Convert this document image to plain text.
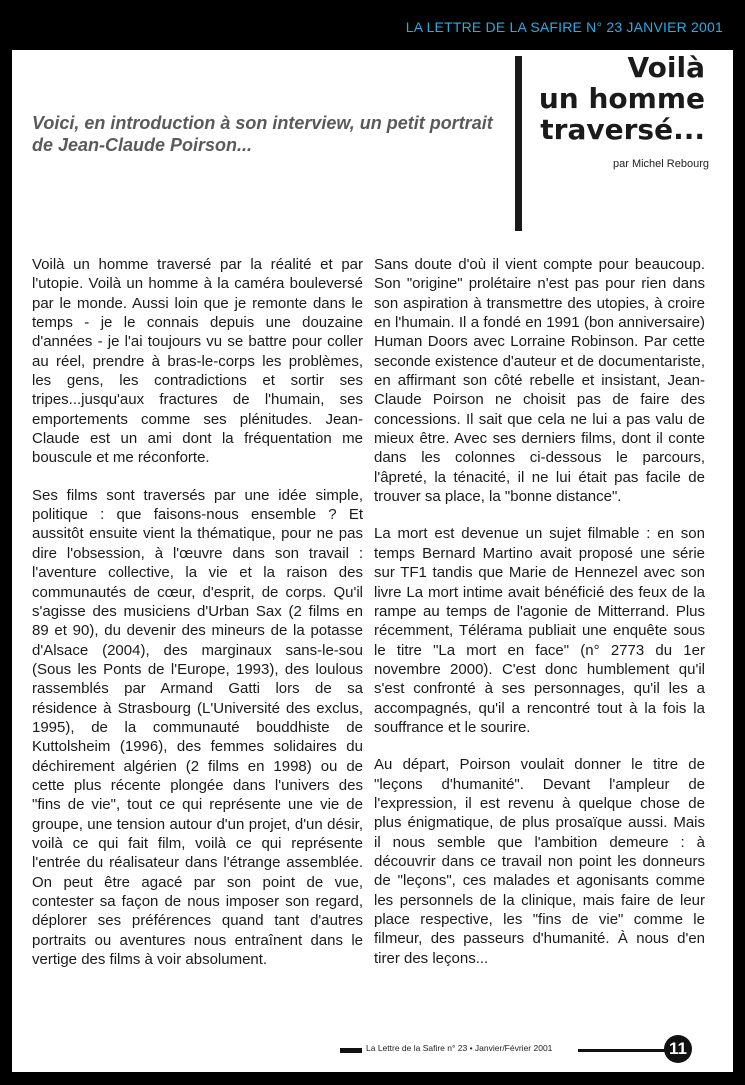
LA LETTRE DE LA SAFIRE N° 23 JANVIER 2001
Voici, en introduction à son interview, un petit portrait de Jean-Claude Poirson...
Voilà
un homme
traversé...
par Michel Rebourg

Voilà un homme traversé par la réalité et par l'utopie. Voilà un homme à la caméra bouleversé par le monde. Aussi loin que je remonte dans le temps - je le connais depuis une douzaine d'années - je l'ai toujours vu se battre pour coller au réel, prendre à bras-le-corps les problèmes, les gens, les contradictions et sortir ses tripes...jusqu'aux fractures de l'humain, ses emportements comme ses plénitudes. Jean-Claude est un ami dont la fréquentation me bouscule et me réconforte.

Ses films sont traversés par une idée simple, politique : que faisons-nous ensemble ? Et aussitôt ensuite vient la thématique, pour ne pas dire l'obsession, à l'œuvre dans son travail : l'aventure collective, la vie et la raison des communautés de cœur, d'esprit, de corps. Qu'il s'agisse des musiciens d'Urban Sax (2 films en 89 et 90), du devenir des mineurs de la potasse d'Alsace (2004), des marginaux sans-le-sou (Sous les Ponts de l'Europe, 1993), des loulous rassemblés par Armand Gatti lors de sa résidence à Strasbourg (L'Université des exclus, 1995), de la communauté bouddhiste de Kuttolsheim (1996), des femmes solidaires du déchirement algérien (2 films en 1998) ou de cette plus récente plongée dans l'univers des "fins de vie", tout ce qui représente une vie de groupe, une tension autour d'un projet, d'un désir, voilà ce qui fait film, voilà ce qui représente l'entrée du réalisateur dans l'étrange assemblée. On peut être agacé par son point de vue, contester sa façon de nous imposer son regard, déplorer ses préférences quand tant d'autres portraits ou aventures nous entraînent dans le vertige des films à voir absolument.

Sans doute d'où il vient compte pour beaucoup. Son "origine" prolétaire n'est pas pour rien dans son aspiration à transmettre des utopies, à croire en l'humain. Il a fondé en 1991 (bon anniversaire) Human Doors avec Lorraine Robinson. Par cette seconde existence d'auteur et de documentariste, en affirmant son côté rebelle et insistant, Jean-Claude Poirson ne choisit pas de faire des concessions. Il sait que cela ne lui a pas valu de mieux être. Avec ses derniers films, dont il conte dans les colonnes ci-dessous le parcours, l'âpreté, la ténacité, il ne lui était pas facile de trouver sa place, la "bonne distance".

La mort est devenue un sujet filmable : en son temps Bernard Martino avait proposé une série sur TF1 tandis que Marie de Hennezel avec son livre La mort intime avait bénéficié des feux de la rampe au temps de l'agonie de Mitterrand. Plus récemment, Télérama publiait une enquête sous le titre "La mort en face" (n° 2773 du 1er novembre 2000). C'est donc humblement qu'il s'est confronté à ses personnages, qu'il les a accompagnés, qu'il a rencontré tout à la fois la souffrance et le sourire.

Au départ, Poirson voulait donner le titre de "leçons d'humanité". Devant l'ampleur de l'expression, il est revenu à quelque chose de plus énigmatique, de plus prosaïque aussi. Mais il nous semble que l'ambition demeure : à découvrir dans ce travail non point les donneurs de "leçons", ces malades et agonisants comme les personnels de la clinique, mais faire de leur place respective, les "fins de vie" comme le filmeur, des passeurs d'humanité. À nous d'en tirer des leçons...

La Lettre de la Safire n° 23 • Janvier/Février 2001	11
